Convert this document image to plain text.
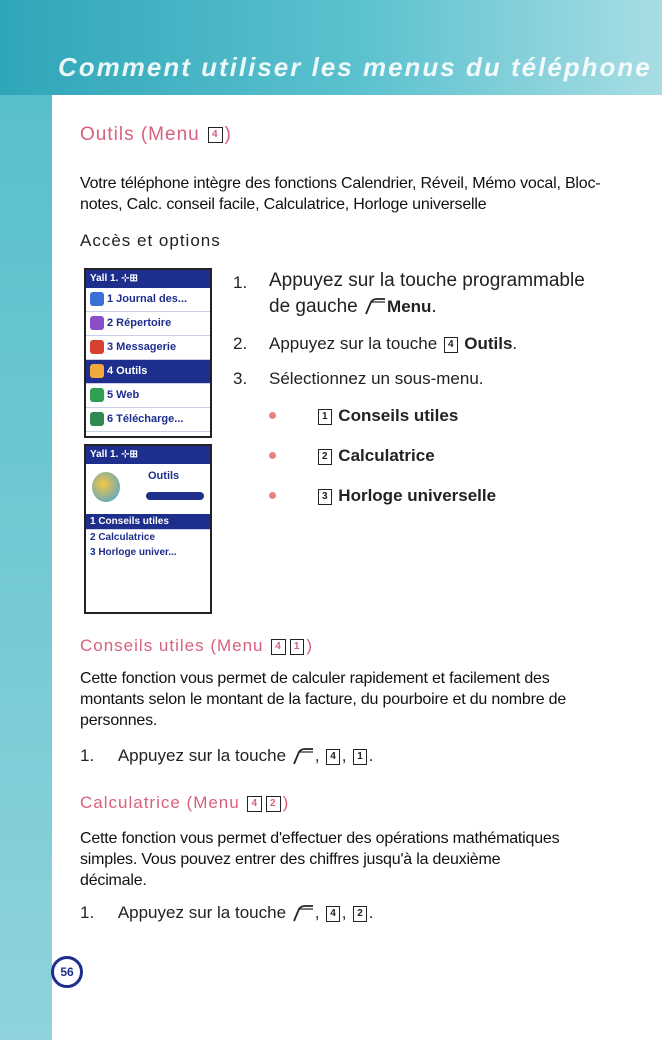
Comment utiliser les menus du téléphone
Outils (Menu 4 )
Votre téléphone intègre des fonctions Calendrier, Réveil, Mémo vocal, Bloc-notes, Calc. conseil facile, Calculatrice, Horloge universelle
Accès et options
Yall 1. ⊹⊞
1 Journal des...
2 Répertoire
3 Messagerie
4 Outils
5 Web
6 Télécharge...
Yall 1. ⊹⊞
Outils
1 Conseils utiles
2 Calculatrice
3 Horloge univer...
1. Appuyez sur la touche programmable de gauche Menu.
2. Appuyez sur la touche 4 Outils.
3. Sélectionnez un sous-menu.
1 Conseils utiles
2 Calculatrice
3 Horloge universelle
Conseils utiles (Menu 4 1 )
Cette fonction vous permet de calculer rapidement et facilement des montants selon le montant de la facture, du pourboire et du nombre de personnes.
1. Appuyez sur la touche , 4 , 1 .
Calculatrice (Menu 4 2 )
Cette fonction vous permet d'effectuer des opérations mathématiques simples. Vous pouvez entrer des chiffres jusqu'à la deuxième décimale.
1. Appuyez sur la touche , 4 , 2 .
56	LG5400
